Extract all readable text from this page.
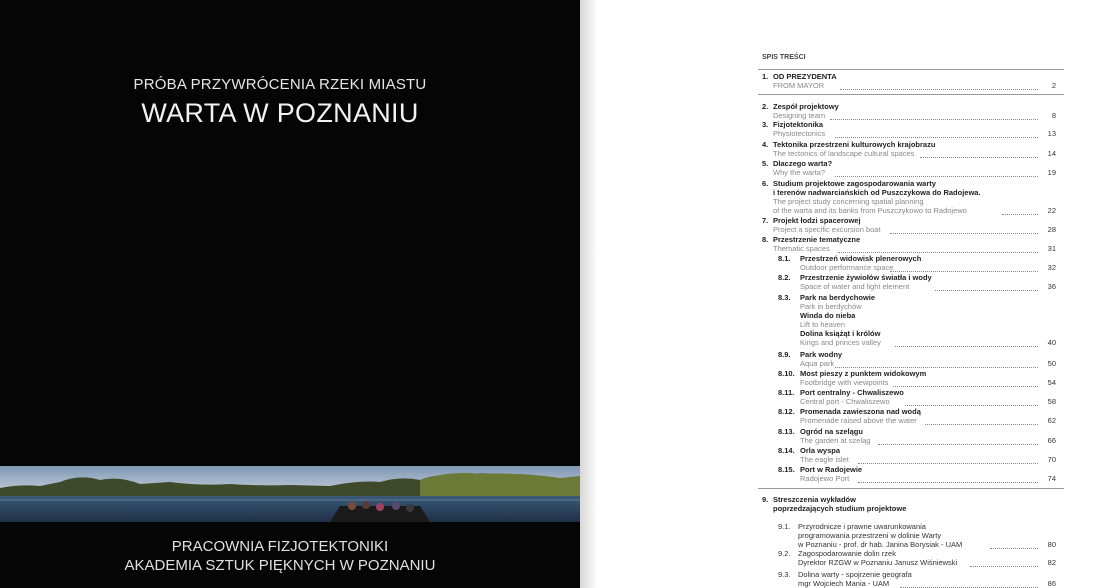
PRÓBA PRZYWRÓCENIA RZEKI MIASTU
WARTA W POZNANIU
PRACOWNIA FIZJOTEKTONIKI
AKADEMIA SZTUK PIĘKNYCH W POZNANIU
SPIS TREŚCI
1. OD PREZYDENTA
FROM MAYOR	2
2. Zespół projektowy
Designing team	8
3. Fizjotektonika
Physiotectonics	13
4. Tektonika przestrzeni kulturowych krajobrazu
The tectonics of landscape cultural spaces	14
5. Dlaczego warta?
Why the warta?	19
6. Studium projektowe zagospodarowania warty
i terenów nadwarciańskich od Puszczykowa do Radojewa.
The project study concerning spatial planning
of the warta and its banks from Puszczykowo to Radojewo	22
7. Projekt łodzi spacerowej
Project a specific excursion boat	28
8. Przestrzenie tematyczne
Thematic spaces	31
8.1. Przestrzeń widowisk plenerowych
Outdoor performance space	32
8.2. Przestrzenie żywiołów światła i wody
Space of water and light element	36
8.3. Park na berdychowie
Park in berdychów
Winda do nieba
Lift to heaven
Dolina książąt i królów
Kings and princes valley	40
8.9. Park wodny
Aqua park	50
8.10. Most pieszy z punktem widokowym
Footbridge with viewpoints	54
8.11. Port centralny - Chwaliszewo
Central port - Chwaliszewo	58
8.12. Promenada zawieszona nad wodą
Promenade raised above the water	62
8.13. Ogród na szelągu
The garden at szeląg	66
8.14. Orla wyspa
The eagle islet	70
8.15. Port w Radojewie
Radojewo Port	74
9. Streszczenia wykładów
poprzedzających studium projektowe
9.1. Przyrodnicze i prawne uwarunkowania
programowania przestrzeni w dolinie Warty
w Poznaniu - prof. dr hab. Janina Borysiak - UAM	80
9.2. Zagospodarowanie dolin rzek
Dyrektor RZGW w Poznaniu Janusz Wiśniewski	82
9.3. Dolina warty - spojrzenie geografa
mgr Wojciech Mania - UAM	86
